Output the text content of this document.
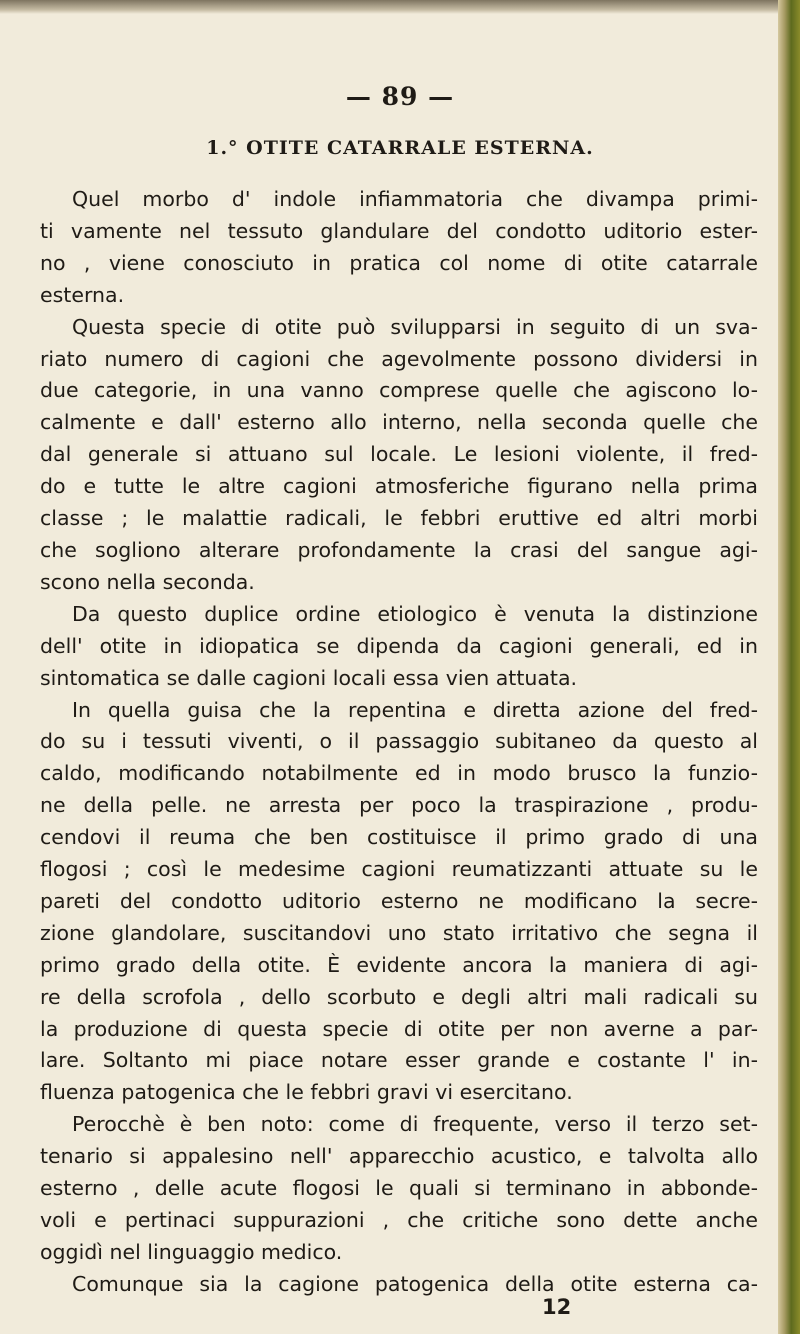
— 89 —
1.° OTITE CATARRALE ESTERNA.
Quel morbo d' indole infiammatoria che divampa primi-
ti vamente nel tessuto glandulare del condotto uditorio ester-
no , viene conosciuto in pratica col nome di otite catarrale
esterna.
Questa specie di otite può svilupparsi in seguito di un sva-
riato numero di cagioni che agevolmente possono dividersi in
due categorie, in una vanno comprese quelle che agiscono lo-
calmente e dall' esterno allo interno, nella seconda quelle che
dal generale si attuano sul locale. Le lesioni violente, il fred-
do e tutte le altre cagioni atmosferiche figurano nella prima
classe ; le malattie radicali, le febbri eruttive ed altri morbi
che sogliono alterare profondamente la crasi del sangue agi-
scono nella seconda.
Da questo duplice ordine etiologico è venuta la distinzione
dell' otite in idiopatica se dipenda da cagioni generali, ed in
sintomatica se dalle cagioni locali essa vien attuata.
In quella guisa che la repentina e diretta azione del fred-
do su i tessuti viventi, o il passaggio subitaneo da questo al
caldo, modificando notabilmente ed in modo brusco la funzio-
ne della pelle. ne arresta per poco la traspirazione , produ-
cendovi il reuma che ben costituisce il primo grado di una
flogosi ; così le medesime cagioni reumatizzanti attuate su le
pareti del condotto uditorio esterno ne modificano la secre-
zione glandolare, suscitandovi uno stato irritativo che segna il
primo grado della otite. È evidente ancora la maniera di agi-
re della scrofola , dello scorbuto e degli altri mali radicali su
la produzione di questa specie di otite per non averne a par-
lare. Soltanto mi piace notare esser grande e costante l' in-
fluenza patogenica che le febbri gravi vi esercitano.
Perocchè è ben noto: come di frequente, verso il terzo set-
tenario si appalesino nell' apparecchio acustico, e talvolta allo
esterno , delle acute flogosi le quali si terminano in abbonde-
voli e pertinaci suppurazioni , che critiche sono dette anche
oggidì nel linguaggio medico.
Comunque sia la cagione patogenica della otite esterna ca-
12
